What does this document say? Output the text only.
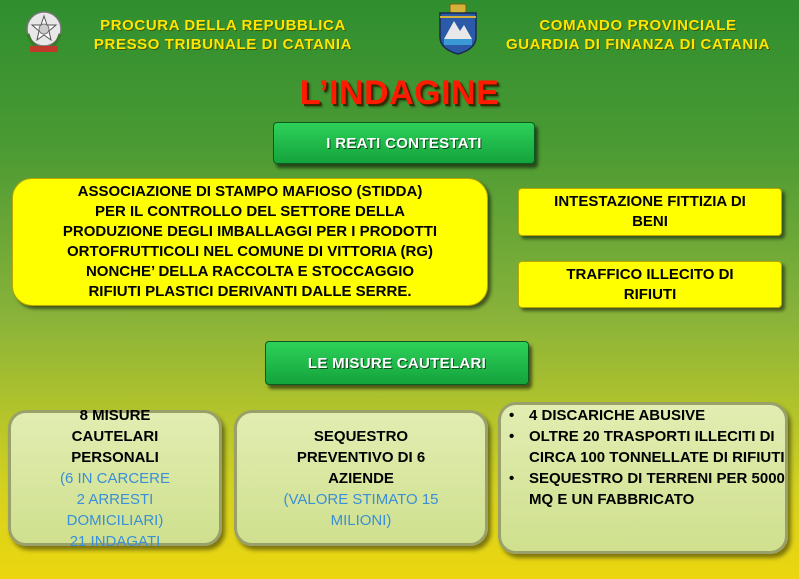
PROCURA DELLA REPUBBLICA
PRESSO TRIBUNALE DI CATANIA
COMANDO PROVINCIALE
GUARDIA DI FINANZA DI CATANIA
L’INDAGINE
I REATI CONTESTATI
ASSOCIAZIONE DI STAMPO MAFIOSO (STIDDA)
PER IL CONTROLLO DEL SETTORE DELLA
PRODUZIONE DEGLI IMBALLAGGI PER I PRODOTTI
ORTOFRUTTICOLI NEL COMUNE DI VITTORIA (RG)
NONCHE’ DELLA RACCOLTA E STOCCAGGIO
RIFIUTI PLASTICI DERIVANTI DALLE SERRE.
INTESTAZIONE FITTIZIA DI
BENI
TRAFFICO ILLECITO DI
RIFIUTI
LE MISURE CAUTELARI
8 MISURE
CAUTELARI
PERSONALI
(6 IN CARCERE
2 ARRESTI
DOMICILIARI)
21 INDAGATI
SEQUESTRO
PREVENTIVO DI 6
AZIENDE
(VALORE STIMATO 15
MILIONI)
• 4 DISCARICHE ABUSIVE
• OLTRE 20 TRASPORTI ILLECITI DI CIRCA 100 TONNELLATE DI RIFIUTI
• SEQUESTRO DI TERRENI PER 5000 MQ E UN FABBRICATO
